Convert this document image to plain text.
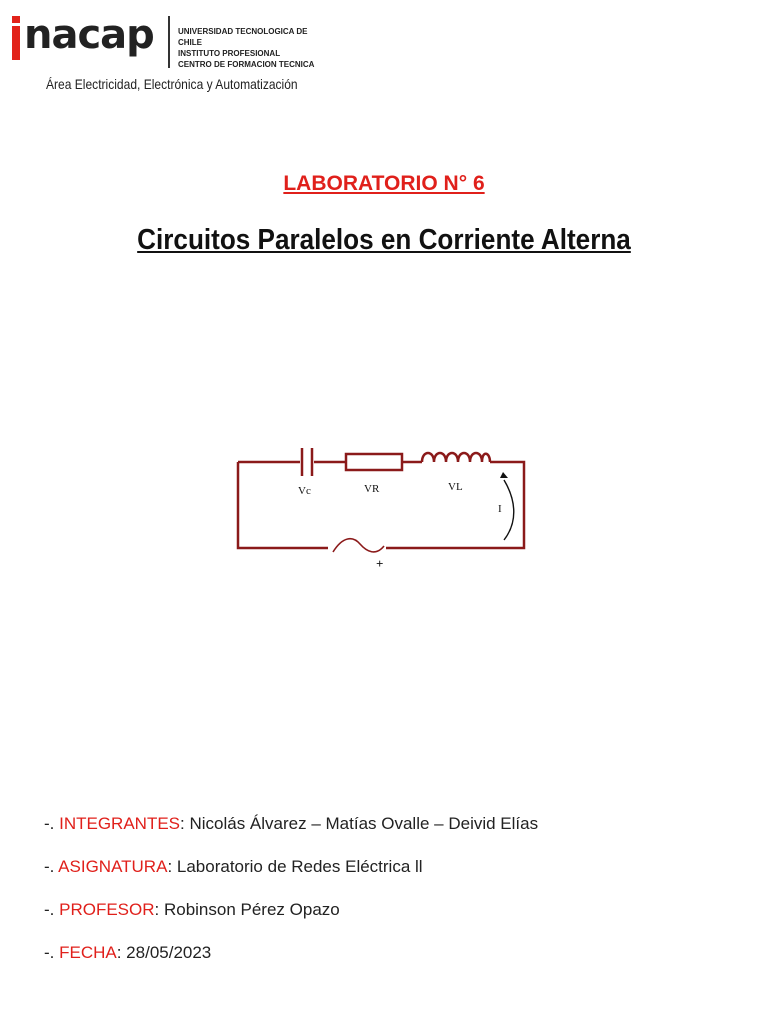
nacap	UNIVERSIDAD TECNOLOGICA DE CHILE
INSTITUTO PROFESIONAL
CENTRO DE FORMACION TECNICA
Área Electricidad, Electrónica y Automatización
LABORATORIO N° 6
Circuitos Paralelos en Corriente Alterna
Vc	VR	VL
I
+
-. INTEGRANTES: Nicolás Álvarez – Matías Ovalle – Deivid Elías
-. ASIGNATURA: Laboratorio de Redes Eléctrica ll
-. PROFESOR: Robinson Pérez Opazo
-. FECHA: 28/05/2023
